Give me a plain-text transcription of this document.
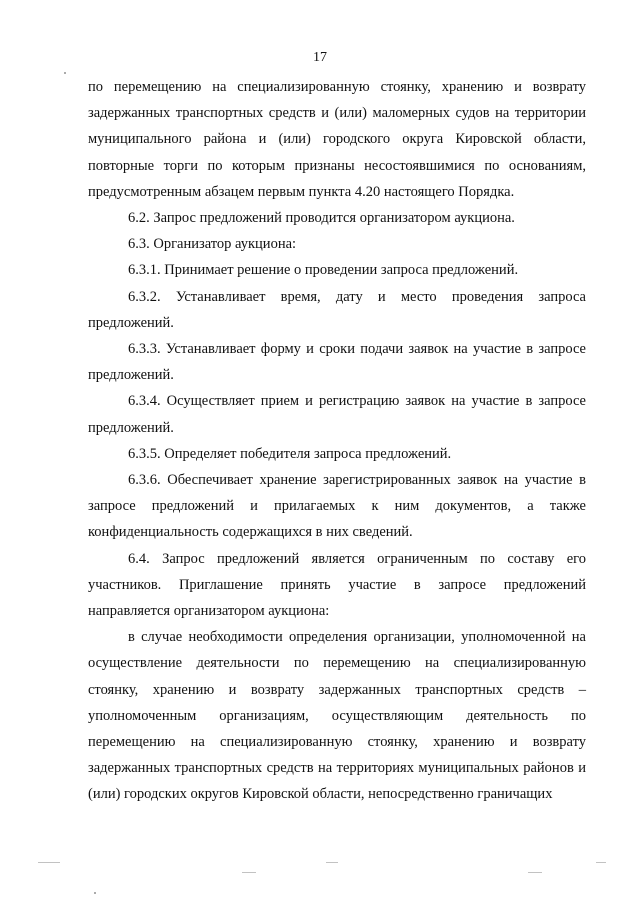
17

по перемещению на специализированную стоянку, хранению и возврату задержанных транспортных средств и (или) маломерных судов на территории муниципального района и (или) городского округа Кировской области, повторные торги по которым признаны несостоявшимися по основаниям, предусмотренным абзацем первым пункта 4.20 настоящего Порядка.

6.2. Запрос предложений проводится организатором аукциона.

6.3. Организатор аукциона:

6.3.1. Принимает решение о проведении запроса предложений.

6.3.2. Устанавливает время, дату и место проведения запроса предложений.

6.3.3. Устанавливает форму и сроки подачи заявок на участие в запросе предложений.

6.3.4. Осуществляет прием и регистрацию заявок на участие в запросе предложений.

6.3.5. Определяет победителя запроса предложений.

6.3.6. Обеспечивает хранение зарегистрированных заявок на участие в запросе предложений и прилагаемых к ним документов, а также конфиденциальность содержащихся в них сведений.

6.4. Запрос предложений является ограниченным по составу его участников. Приглашение принять участие в запросе предложений направляется организатором аукциона:

в случае необходимости определения организации, уполномоченной на осуществление деятельности по перемещению на специализированную стоянку, хранению и возврату задержанных транспортных средств – уполномоченным организациям, осуществляющим деятельность по перемещению на специализированную стоянку, хранению и возврату задержанных транспортных средств на территориях муниципальных районов и (или) городских округов Кировской области, непосредственно граничащих
